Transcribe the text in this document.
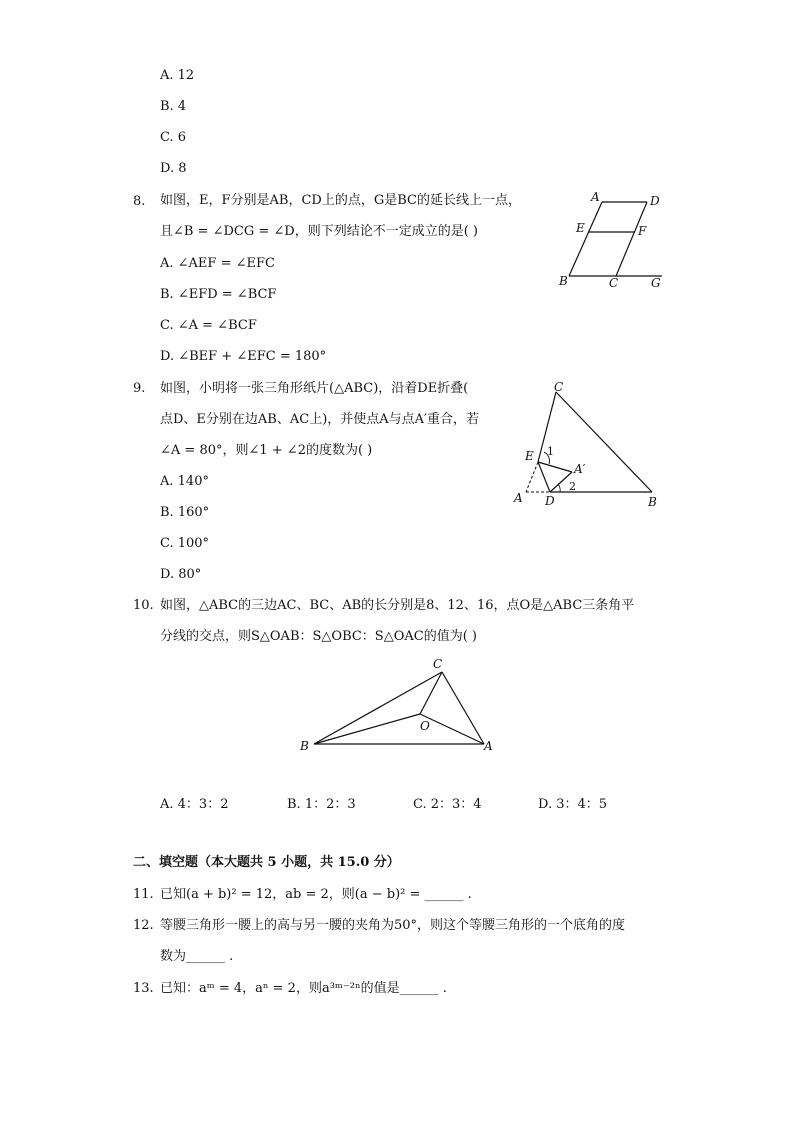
A. 12
B. 4
C. 6
D. 8
8. 如图，E，F分别是AB，CD上的点，G是BC的延长线上一点，
且∠B = ∠DCG = ∠D，则下列结论不一定成立的是( )
A. ∠AEF = ∠EFC
B. ∠EFD = ∠BCF
C. ∠A = ∠BCF
D. ∠BEF + ∠EFC = 180°
A	D
E	F
B	C	G
9. 如图，小明将一张三角形纸片(△ABC)，沿着DE折叠(
点D、E分别在边AB、AC上)，并使点A与点A′重合，若
∠A = 80°，则∠1 + ∠2的度数为( )
A. 140°
B. 160°
C. 100°
D. 80°
C
E 1
A′
2
A D	B
10. 如图，△ABC的三边AC、BC、AB的长分别是8、12、16，点O是△ABC三条角平
分线的交点，则S△OAB：S△OBC：S△OAC的值为( )
C
O
B	A
A. 4：3：2	B. 1：2：3	C. 2：3：4	D. 3：4：5
二、填空题（本大题共 5 小题，共 15.0 分）
11. 已知(a + b)² = 12，ab = 2，则(a − b)² = ______ .
12. 等腰三角形一腰上的高与另一腰的夹角为50°，则这个等腰三角形的一个底角的度
数为______ .
13. 已知：aᵐ = 4，aⁿ = 2，则a³ᵐ⁻²ⁿ的值是______ .
